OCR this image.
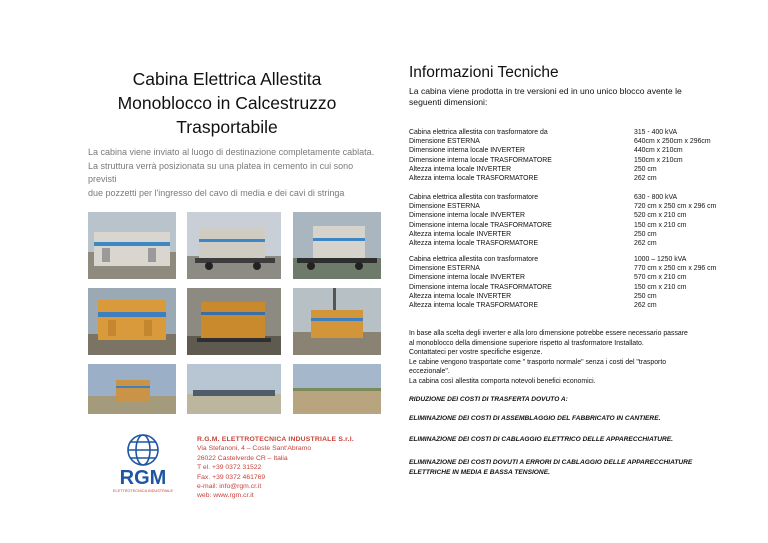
Cabina Elettrica Allestita
Monoblocco in Calcestruzzo
Trasportabile
La cabina viene inviato al luogo di destinazione completamente cablata.
La struttura verrà posizionata su una platea in cemento in cui sono previsti
due pozzetti per l'ingresso del cavo di media e dei cavi di stringa
RGM
ELETTROTECNICA INDUSTRIALE
R.G.M. ELETTROTECNICA INDUSTRIALE S.r.l.
Via Stefanoni, 4 – Coste Sant'Abramo
26022 Castelverde CR – Italia
T el. +39 0372 31522
Fax. +39 0372 461769
e-mail: info@rgm.cr.it
web: www.rgm.cr.it
Informazioni Tecniche
La cabina viene prodotta in tre versioni ed in uno unico blocco avente le
seguenti dimensioni:
Cabina elettrica allestita con trasformatore da
Dimensione ESTERNA
Dimensione interna locale INVERTER
Dimensione interna locale TRASFORMATORE
Altezza interna locale INVERTER
Altezza interna locale TRASFORMATORE
315 - 400 kVA
640cm x 250cm x 296cm
440cm x 210cm
150cm x 210cm
250 cm
262 cm
Cabina elettrica allestita con trasformatore
Dimensione ESTERNA
Dimensione interna locale INVERTER
Dimensione interna locale TRASFORMATORE
Altezza interna locale INVERTER
Altezza interna locale TRASFORMATORE
630 - 800 kVA
720 cm x 250 cm x 296 cm
520 cm x 210 cm
150 cm x 210 cm
250 cm
262 cm
Cabina elettrica allestita con trasformatore
Dimensione ESTERNA
Dimensione interna locale INVERTER
Dimensione interna locale TRASFORMATORE
Altezza interna locale INVERTER
Altezza interna locale TRASFORMATORE
1000 – 1250 kVA
770 cm x 250 cm x 296 cm
570 cm x 210 cm
150 cm x 210 cm
250 cm
262 cm
In base alla scelta degli inverter e alla loro dimensione potrebbe essere necessario passare
al monoblocco della dimensione superiore rispetto al trasformatore Installato.
Contattateci per vostre specifiche esigenze.
Le cabine vengono trasportate come " trasporto normale" senza i costi del "trasporto
eccezionale".
La cabina così allestita comporta notevoli benefici economici.
RIDUZIONE DEI COSTI DI TRASFERTA DOVUTO A:
ELIMINAZIONE DEI COSTI DI ASSEMBLAGGIO DEL FABBRICATO IN CANTIERE.
ELIMINAZIONE DEI COSTI DI CABLAGGIO ELETTRICO DELLE APPARECCHIATURE.
ELIMINAZIONE DEI COSTI DOVUTI A ERRORI DI CABLAGGIO DELLE APPARECCHIATURE
ELETTRICHE IN MEDIA E BASSA TENSIONE.
